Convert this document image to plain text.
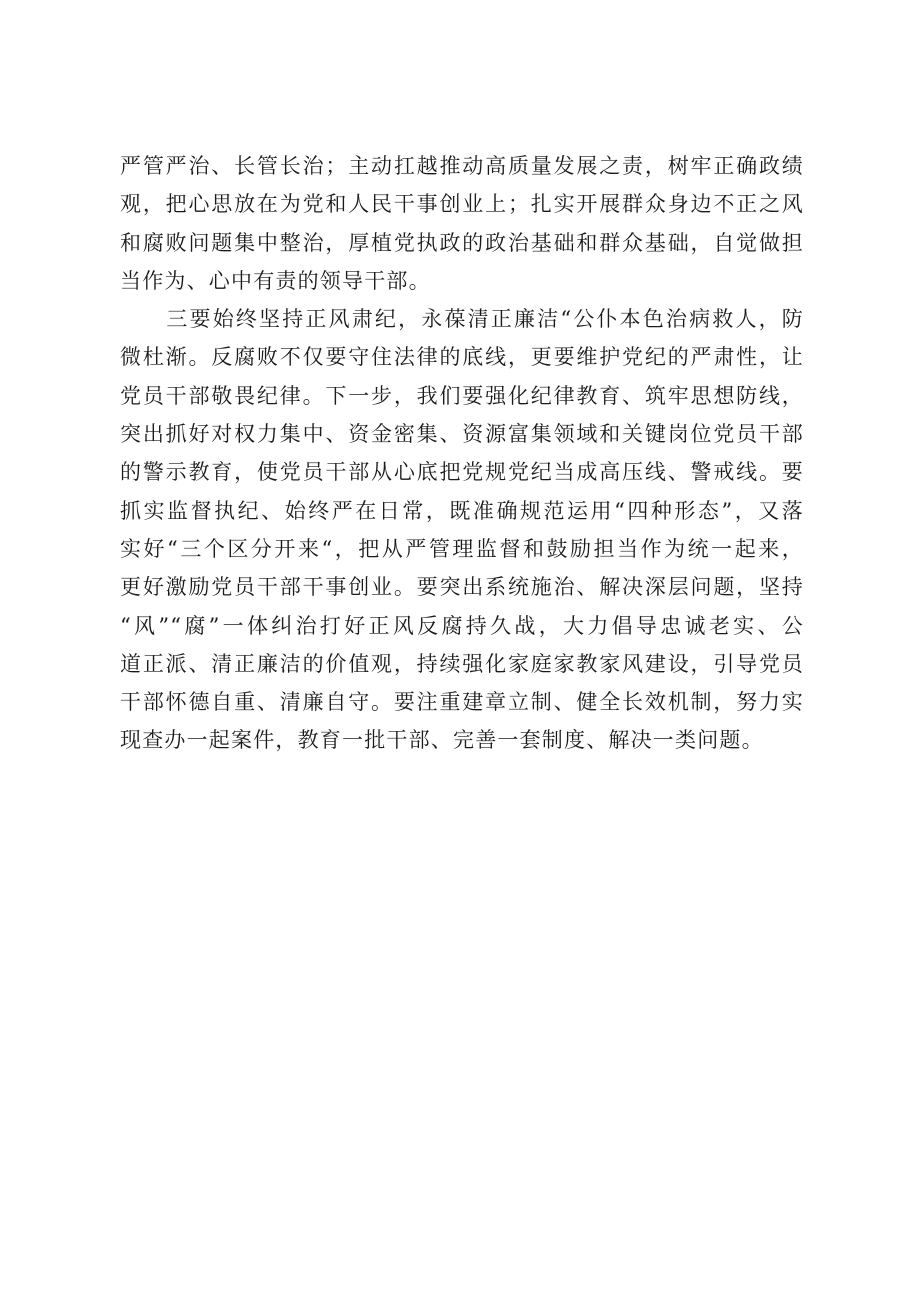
严管严治、长管长治；主动扛越推动高质量发展之责，树牢正确政绩
观，把心思放在为党和人民干事创业上；扎实开展群众身边不正之风
和腐败问题集中整治，厚植党执政的政治基础和群众基础，自觉做担
当作为、心中有责的领导干部。
　　三要始终坚持正风肃纪，永葆清正廉洁“公仆本色治病救人，防
微杜渐。反腐败不仅要守住法律的底线，更要维护党纪的严肃性，让
党员干部敬畏纪律。下一步，我们要强化纪律教育、筑牢思想防线，
突出抓好对权力集中、资金密集、资源富集领域和关键岗位党员干部
的警示教育，使党员干部从心底把党规党纪当成高压线、警戒线。要
抓实监督执纪、始终严在日常，既准确规范运用“四种形态”，又落
实好“三个区分开来“，把从严管理监督和鼓励担当作为统一起来，
更好激励党员干部干事创业。要突出系统施治、解决深层问题，坚持
“风”“腐”一体纠治打好正风反腐持久战，大力倡导忠诚老实、公
道正派、清正廉洁的价值观，持续强化家庭家教家风建设，引导党员
干部怀德自重、清廉自守。要注重建章立制、健全长效机制，努力实
现查办一起案件，教育一批干部、完善一套制度、解决一类问题。
